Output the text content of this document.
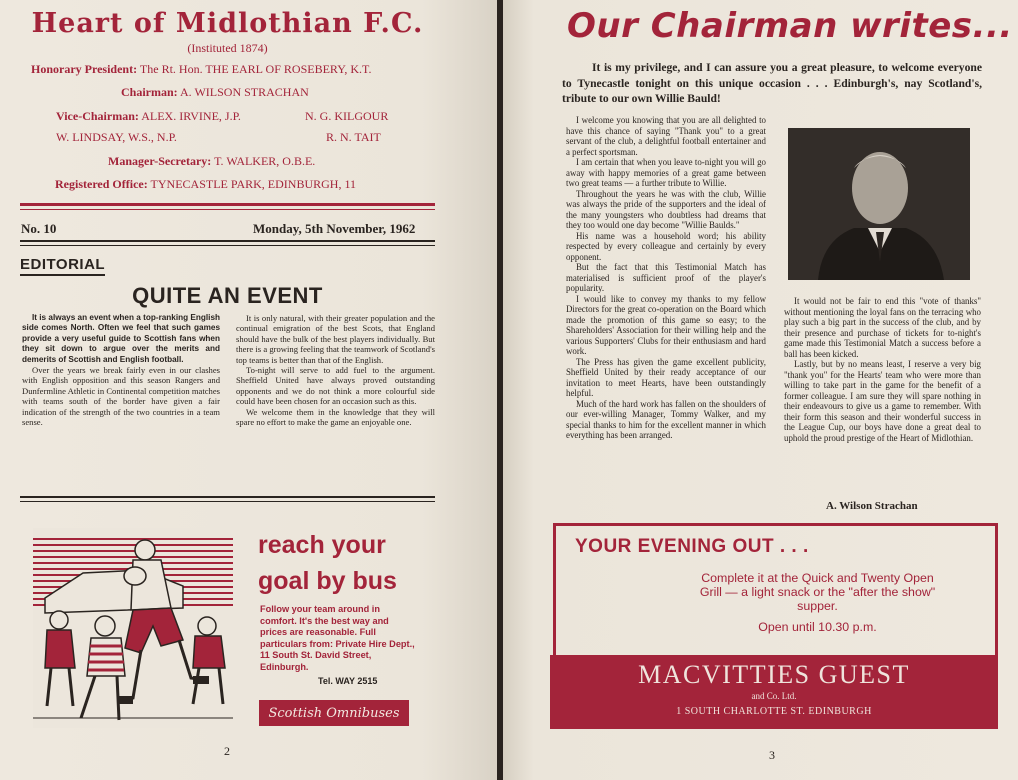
Heart of Midlothian F.C.
(Instituted 1874)
Honorary President: The Rt. Hon. THE EARL OF ROSEBERY, K.T.
Chairman: A. WILSON STRACHAN
Vice-Chairman: ALEX. IRVINE, J.P.	N. G. KILGOUR
W. LINDSAY, W.S., N.P.	R. N. TAIT
Manager-Secretary: T. WALKER, O.B.E.
Registered Office: TYNECASTLE PARK, EDINBURGH, 11
No. 10	Monday, 5th November, 1962
EDITORIAL
QUITE AN EVENT

It is always an event when a top-ranking English side comes North. Often we feel that such games provide a very useful guide to Scottish fans when they sit down to argue over the merits and demerits of Scottish and English football.

Over the years we break fairly even in our clashes with English opposition and this season Rangers and Dunfermline Athletic in Continental competition matches with teams south of the border have given a fair indication of the strength of the two countries in a team sense.

It is only natural, with their greater population and the continual emigration of the best Scots, that England should have the bulk of the best players individually. But there is a growing feeling that the teamwork of Scotland's top teams is better than that of the English.

To-night will serve to add fuel to the argument. Sheffield United have always proved outstanding opponents and we do not think a more colourful side could have been chosen for an occasion such as this.

We welcome them in the knowledge that they will spare no effort to make the game an enjoyable one.

reach your
goal by bus
Follow your team around in comfort. It's the best way and prices are reasonable. Full particulars from: Private Hire Dept., 11 South St. David Street, Edinburgh.
Tel. WAY 2515
Scottish Omnibuses
2
Our Chairman writes...

It is my privilege, and I can assure you a great pleasure, to welcome everyone to Tynecastle tonight on this unique occasion . . . Edinburgh's, nay Scotland's, tribute to our own Willie Bauld!

I welcome you knowing that you are all delighted to have this chance of saying "Thank you" to a great servant of the club, a delightful football entertainer and a perfect sportsman.

I am certain that when you leave to-night you will go away with happy memories of a great game between two great teams — a further tribute to Willie.

Throughout the years he was with the club, Willie was always the pride of the supporters and the ideal of the many youngsters who doubtless had dreams that they too would one day become "Willie Baulds."

His name was a household word; his ability respected by every colleague and certainly by every opponent.

But the fact that this Testimonial Match has materialised is sufficient proof of the player's popularity.

I would like to convey my thanks to my fellow Directors for the great co-operation on the Board which made the promotion of this game so easy; to the Shareholders' Association for their willing help and the various Supporters' Clubs for their enthusiasm and hard work.

The Press has given the game excellent publicity, Sheffield United by their ready acceptance of our invitation to meet Hearts, have been outstandingly helpful.

Much of the hard work has fallen on the shoulders of our ever-willing Manager, Tommy Walker, and my special thanks to him for the excellent manner in which everything has been arranged.

It would not be fair to end this "vote of thanks" without mentioning the loyal fans on the terracing who play such a big part in the success of the club, and by their presence and purchase of tickets for to-night's game made this Testimonial Match a success before a ball has been kicked.

Lastly, but by no means least, I reserve a very big "thank you" for the Hearts' team who were more than willing to take part in the game for the benefit of a former colleague. I am sure they will spare nothing in their endeavours to give us a game to remember. With their form this season and their wonderful success in the League Cup, our boys have done a great deal to uphold the proud prestige of the Heart of Midlothian.

A. Wilson Strachan
YOUR EVENING OUT . . .
Complete it at the Quick and Twenty Open Grill — a light snack or the "after the show" supper.
Open until 10.30 p.m.
MACVITTIES GUEST
and Co. Ltd.
1 SOUTH CHARLOTTE ST. EDINBURGH
3
